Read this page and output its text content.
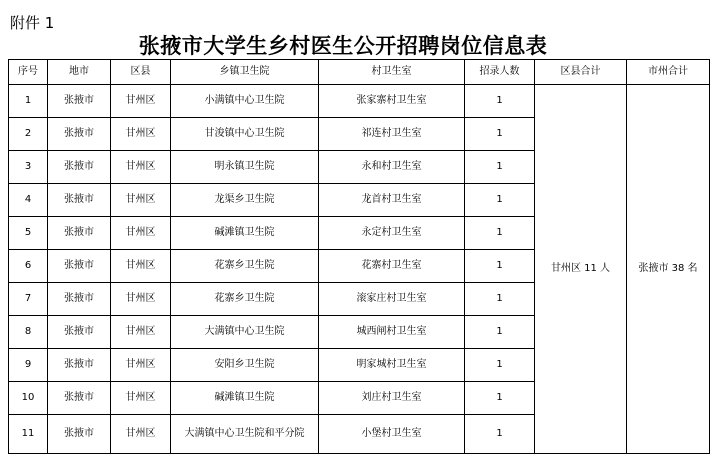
附件 1
张掖市大学生乡村医生公开招聘岗位信息表
序号	地市	区县	乡镇卫生院	村卫生室	招录人数	区县合计	市州合计
1	张掖市	甘州区	小满镇中心卫生院	张家寨村卫生室	1	甘州区 11 人	张掖市 38 名
2	张掖市	甘州区	甘浚镇中心卫生院	祁连村卫生室	1		
3	张掖市	甘州区	明永镇卫生院	永和村卫生室	1		
4	张掖市	甘州区	龙渠乡卫生院	龙首村卫生室	1		
5	张掖市	甘州区	碱滩镇卫生院	永定村卫生室	1		
6	张掖市	甘州区	花寨乡卫生院	花寨村卫生室	1		
7	张掖市	甘州区	花寨乡卫生院	滚家庄村卫生室	1		
8	张掖市	甘州区	大满镇中心卫生院	城西闸村卫生室	1		
9	张掖市	甘州区	安阳乡卫生院	明家城村卫生室	1		
10	张掖市	甘州区	碱滩镇卫生院	刘庄村卫生室	1		
11	张掖市	甘州区	大满镇中心卫生院和平分院	小堡村卫生室	1		
